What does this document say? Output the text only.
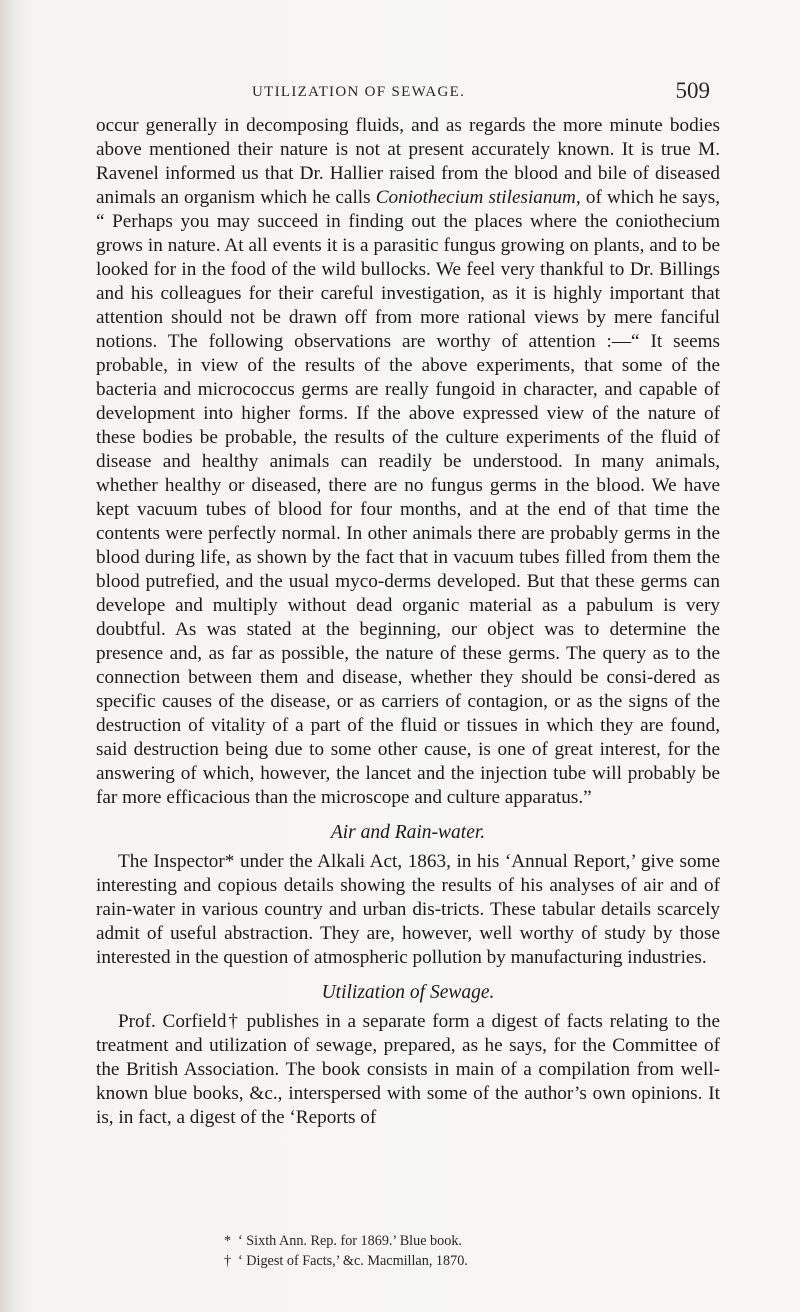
UTILIZATION OF SEWAGE.	509

occur generally in decomposing fluids, and as regards the more minute bodies above mentioned their nature is not at present accurately known. It is true M. Ravenel informed us that Dr. Hallier raised from the blood and bile of diseased animals an organism which he calls Coniothecium stilesianum, of which he says, “ Perhaps you may succeed in finding out the places where the coniothecium grows in nature. At all events it is a parasitic fungus growing on plants, and to be looked for in the food of the wild bullocks. We feel very thankful to Dr. Billings and his colleagues for their careful investigation, as it is highly important that attention should not be drawn off from more rational views by mere fanciful notions. The following observations are worthy of attention :—“ It seems probable, in view of the results of the above experiments, that some of the bacteria and micrococcus germs are really fungoid in character, and capable of development into higher forms. If the above expressed view of the nature of these bodies be probable, the results of the culture experiments of the fluid of disease and healthy animals can readily be understood. In many animals, whether healthy or diseased, there are no fungus germs in the blood. We have kept vacuum tubes of blood for four months, and at the end of that time the contents were perfectly normal. In other animals there are probably germs in the blood during life, as shown by the fact that in vacuum tubes filled from them the blood putrefied, and the usual myco-derms developed. But that these germs can develope and multiply without dead organic material as a pabulum is very doubtful. As was stated at the beginning, our object was to determine the presence and, as far as possible, the nature of these germs. The query as to the connection between them and disease, whether they should be consi-dered as specific causes of the disease, or as carriers of contagion, or as the signs of the destruction of vitality of a part of the fluid or tissues in which they are found, said destruction being due to some other cause, is one of great interest, for the answering of which, however, the lancet and the injection tube will probably be far more efficacious than the microscope and culture apparatus.”

Air and Rain-water.

The Inspector* under the Alkali Act, 1863, in his ‘Annual Report,’ give some interesting and copious details showing the results of his analyses of air and of rain-water in various country and urban dis-tricts. These tabular details scarcely admit of useful abstraction. They are, however, well worthy of study by those interested in the question of atmospheric pollution by manufacturing industries.

Utilization of Sewage.

Prof. Corfield† publishes in a separate form a digest of facts relating to the treatment and utilization of sewage, prepared, as he says, for the Committee of the British Association. The book consists in main of a compilation from well-known blue books, &c., interspersed with some of the author’s own opinions. It is, in fact, a digest of the ‘Reports of

* ‘ Sixth Ann. Rep. for 1869.’ Blue book.
† ‘ Digest of Facts,’ &c. Macmillan, 1870.
